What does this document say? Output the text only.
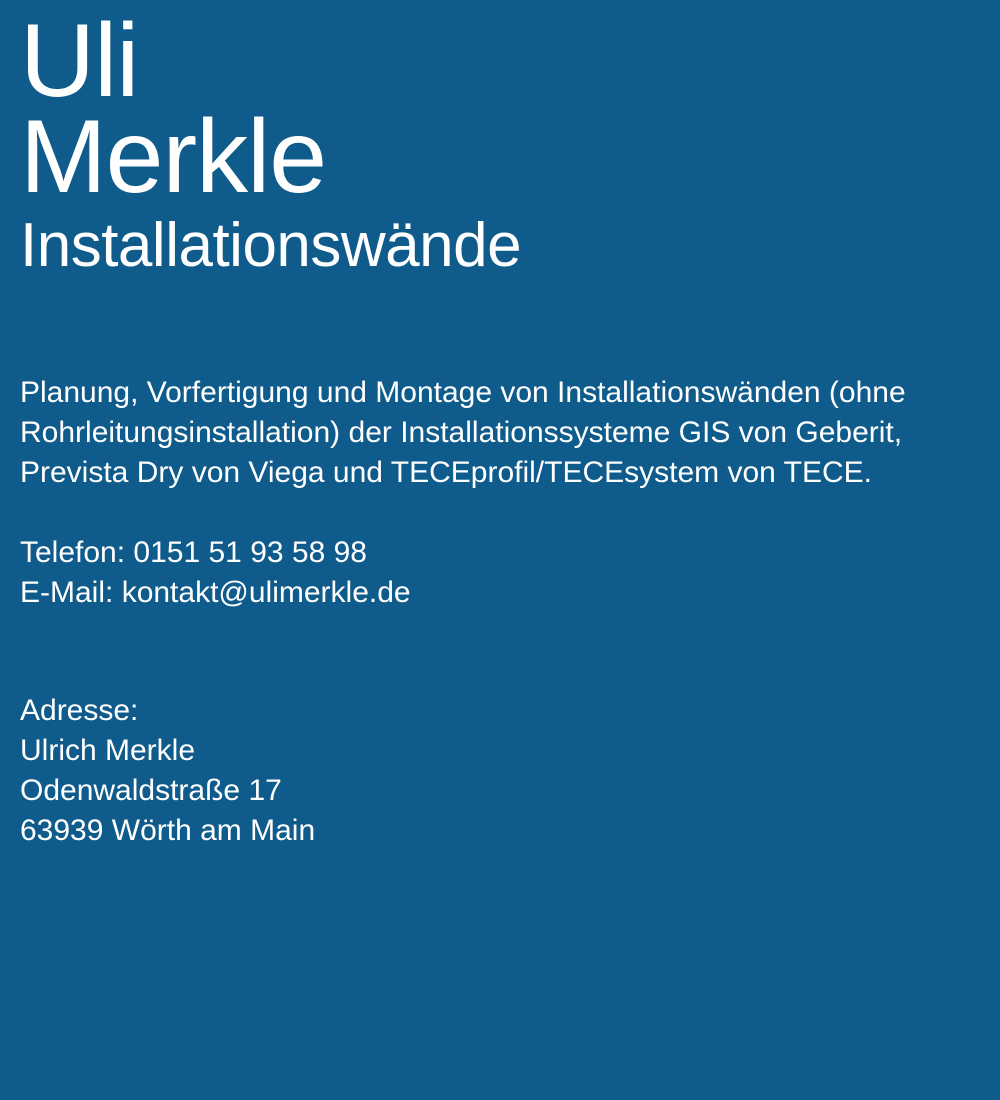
Uli
Merkle
Installationswände

Planung, Vorfertigung und Montage von Installationswänden (ohne Rohrleitungsinstallation) der Installationssysteme GIS von Geberit, Prevista Dry von Viega und TECEprofil/TECEsystem von TECE.

Telefon: 0151 51 93 58 98
E-Mail: kontakt@ulimerkle.de
Adresse:
Ulrich Merkle
Odenwaldstraße 17
63939 Wörth am Main
